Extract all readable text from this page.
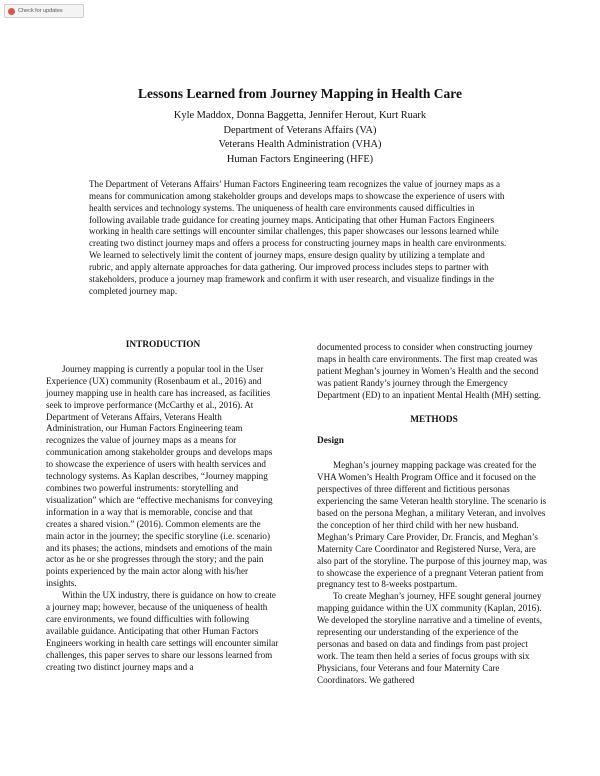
Check for updates
Lessons Learned from Journey Mapping in Health Care
Kyle Maddox, Donna Baggetta, Jennifer Herout, Kurt Ruark
Department of Veterans Affairs (VA)
Veterans Health Administration (VHA)
Human Factors Engineering (HFE)
The Department of Veterans Affairs’ Human Factors Engineering team recognizes the value of journey maps as a means for communication among stakeholder groups and develops maps to showcase the experience of users with health services and technology systems. The uniqueness of health care environments caused difficulties in following available trade guidance for creating journey maps. Anticipating that other Human Factors Engineers working in health care settings will encounter similar challenges, this paper showcases our lessons learned while creating two distinct journey maps and offers a process for constructing journey maps in health care environments. We learned to selectively limit the content of journey maps, ensure design quality by utilizing a template and rubric, and apply alternate approaches for data gathering. Our improved process includes steps to partner with stakeholders, produce a journey map framework and confirm it with user research, and visualize findings in the completed journey map.
INTRODUCTION

Journey mapping is currently a popular tool in the User Experience (UX) community (Rosenbaum et al., 2016) and journey mapping use in health care has increased, as facilities seek to improve performance (McCarthy et al., 2016). At Department of Veterans Affairs, Veterans Health Administration, our Human Factors Engineering team recognizes the value of journey maps as a means for communication among stakeholder groups and develops maps to showcase the experience of users with health services and technology systems. As Kaplan describes, “Journey mapping combines two powerful instruments: storytelling and visualization” which are “effective mechanisms for conveying information in a way that is memorable, concise and that creates a shared vision.” (2016). Common elements are the main actor in the journey; the specific storyline (i.e. scenario) and its phases; the actions, mindsets and emotions of the main actor as he or she progresses through the story; and the pain points experienced by the main actor along with his/her insights.

Within the UX industry, there is guidance on how to create a journey map; however, because of the uniqueness of health care environments, we found difficulties with following available guidance. Anticipating that other Human Factors Engineers working in health care settings will encounter similar challenges, this paper serves to share our lessons learned from creating two distinct journey maps and a

documented process to consider when constructing journey maps in health care environments. The first map created was patient Meghan’s journey in Women’s Health and the second was patient Randy’s journey through the Emergency Department (ED) to an inpatient Mental Health (MH) setting.

METHODS
Design

Meghan’s journey mapping package was created for the VHA Women’s Health Program Office and it focused on the perspectives of three different and fictitious personas experiencing the same Veteran health storyline. The scenario is based on the persona Meghan, a military Veteran, and involves the conception of her third child with her new husband. Meghan’s Primary Care Provider, Dr. Francis, and Meghan’s Maternity Care Coordinator and Registered Nurse, Vera, are also part of the storyline. The purpose of this journey map, was to showcase the experience of a pregnant Veteran patient from pregnancy test to 8-weeks postpartum.

To create Meghan’s journey, HFE sought general journey mapping guidance within the UX community (Kaplan, 2016). We developed the storyline narrative and a timeline of events, representing our understanding of the experience of the personas and based on data and findings from past project work. The team then held a series of focus groups with six Physicians, four Veterans and four Maternity Care Coordinators. We gathered
